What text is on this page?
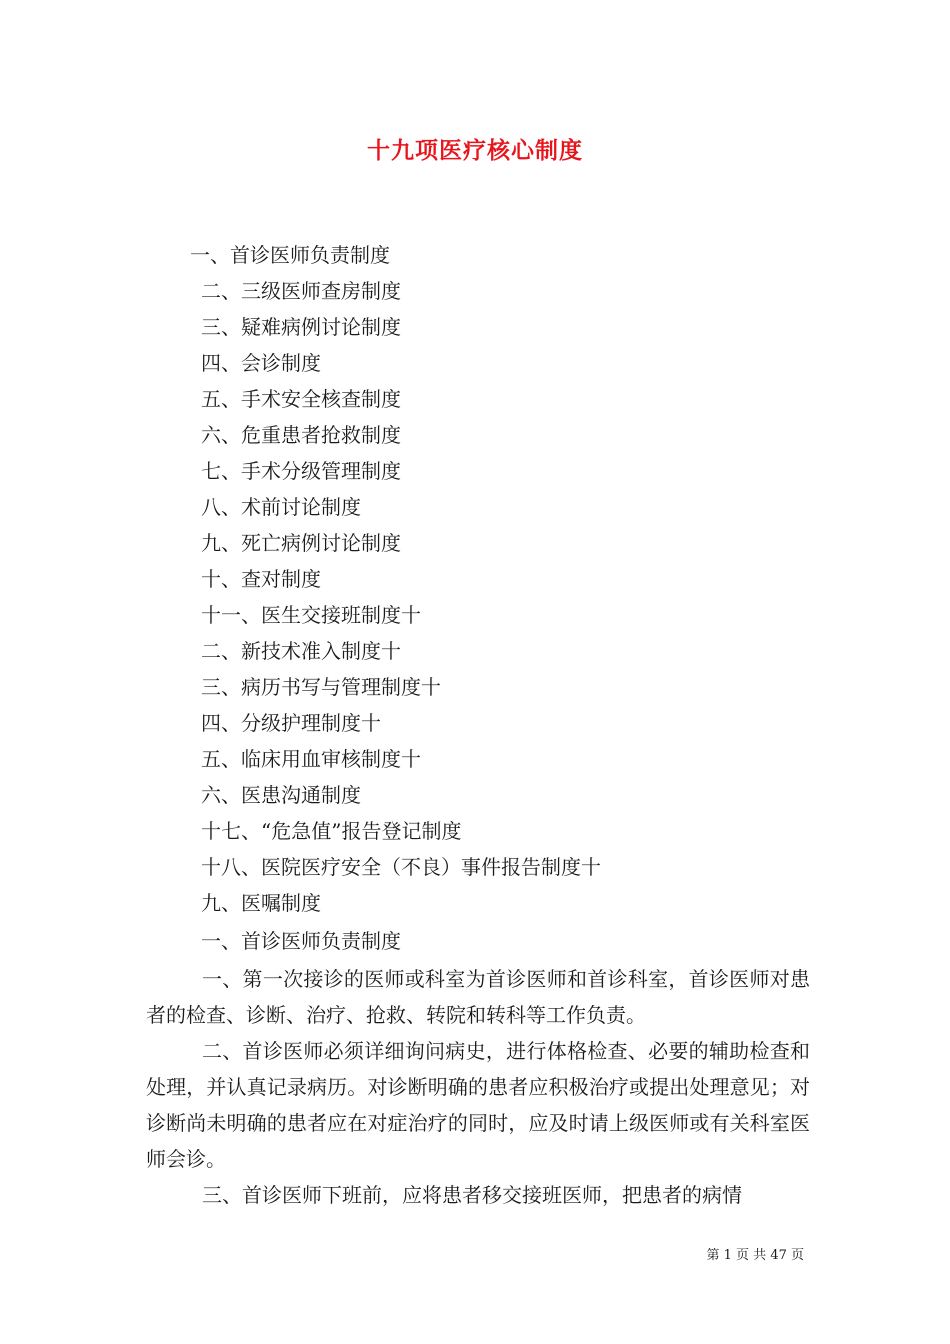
十九项医疗核心制度
一、首诊医师负责制度
二、三级医师查房制度
三、疑难病例讨论制度
四、会诊制度
五、手术安全核查制度
六、危重患者抢救制度
七、手术分级管理制度
八、术前讨论制度
九、死亡病例讨论制度
十、查对制度
十一、医生交接班制度十
二、新技术准入制度十
三、病历书写与管理制度十
四、分级护理制度十
五、临床用血审核制度十
六、医患沟通制度
十七、“危急值”报告登记制度
十八、医院医疗安全（不良）事件报告制度十
九、医嘱制度
一、首诊医师负责制度

一、第一次接诊的医师或科室为首诊医师和首诊科室，首诊医师对患者的检查、诊断、治疗、抢救、转院和转科等工作负责。

二、首诊医师必须详细询问病史，进行体格检查、必要的辅助检查和处理，并认真记录病历。对诊断明确的患者应积极治疗或提出处理意见；对诊断尚未明确的患者应在对症治疗的同时，应及时请上级医师或有关科室医师会诊。

三、首诊医师下班前，应将患者移交接班医师，把患者的病情

第 1 页 共 47 页
